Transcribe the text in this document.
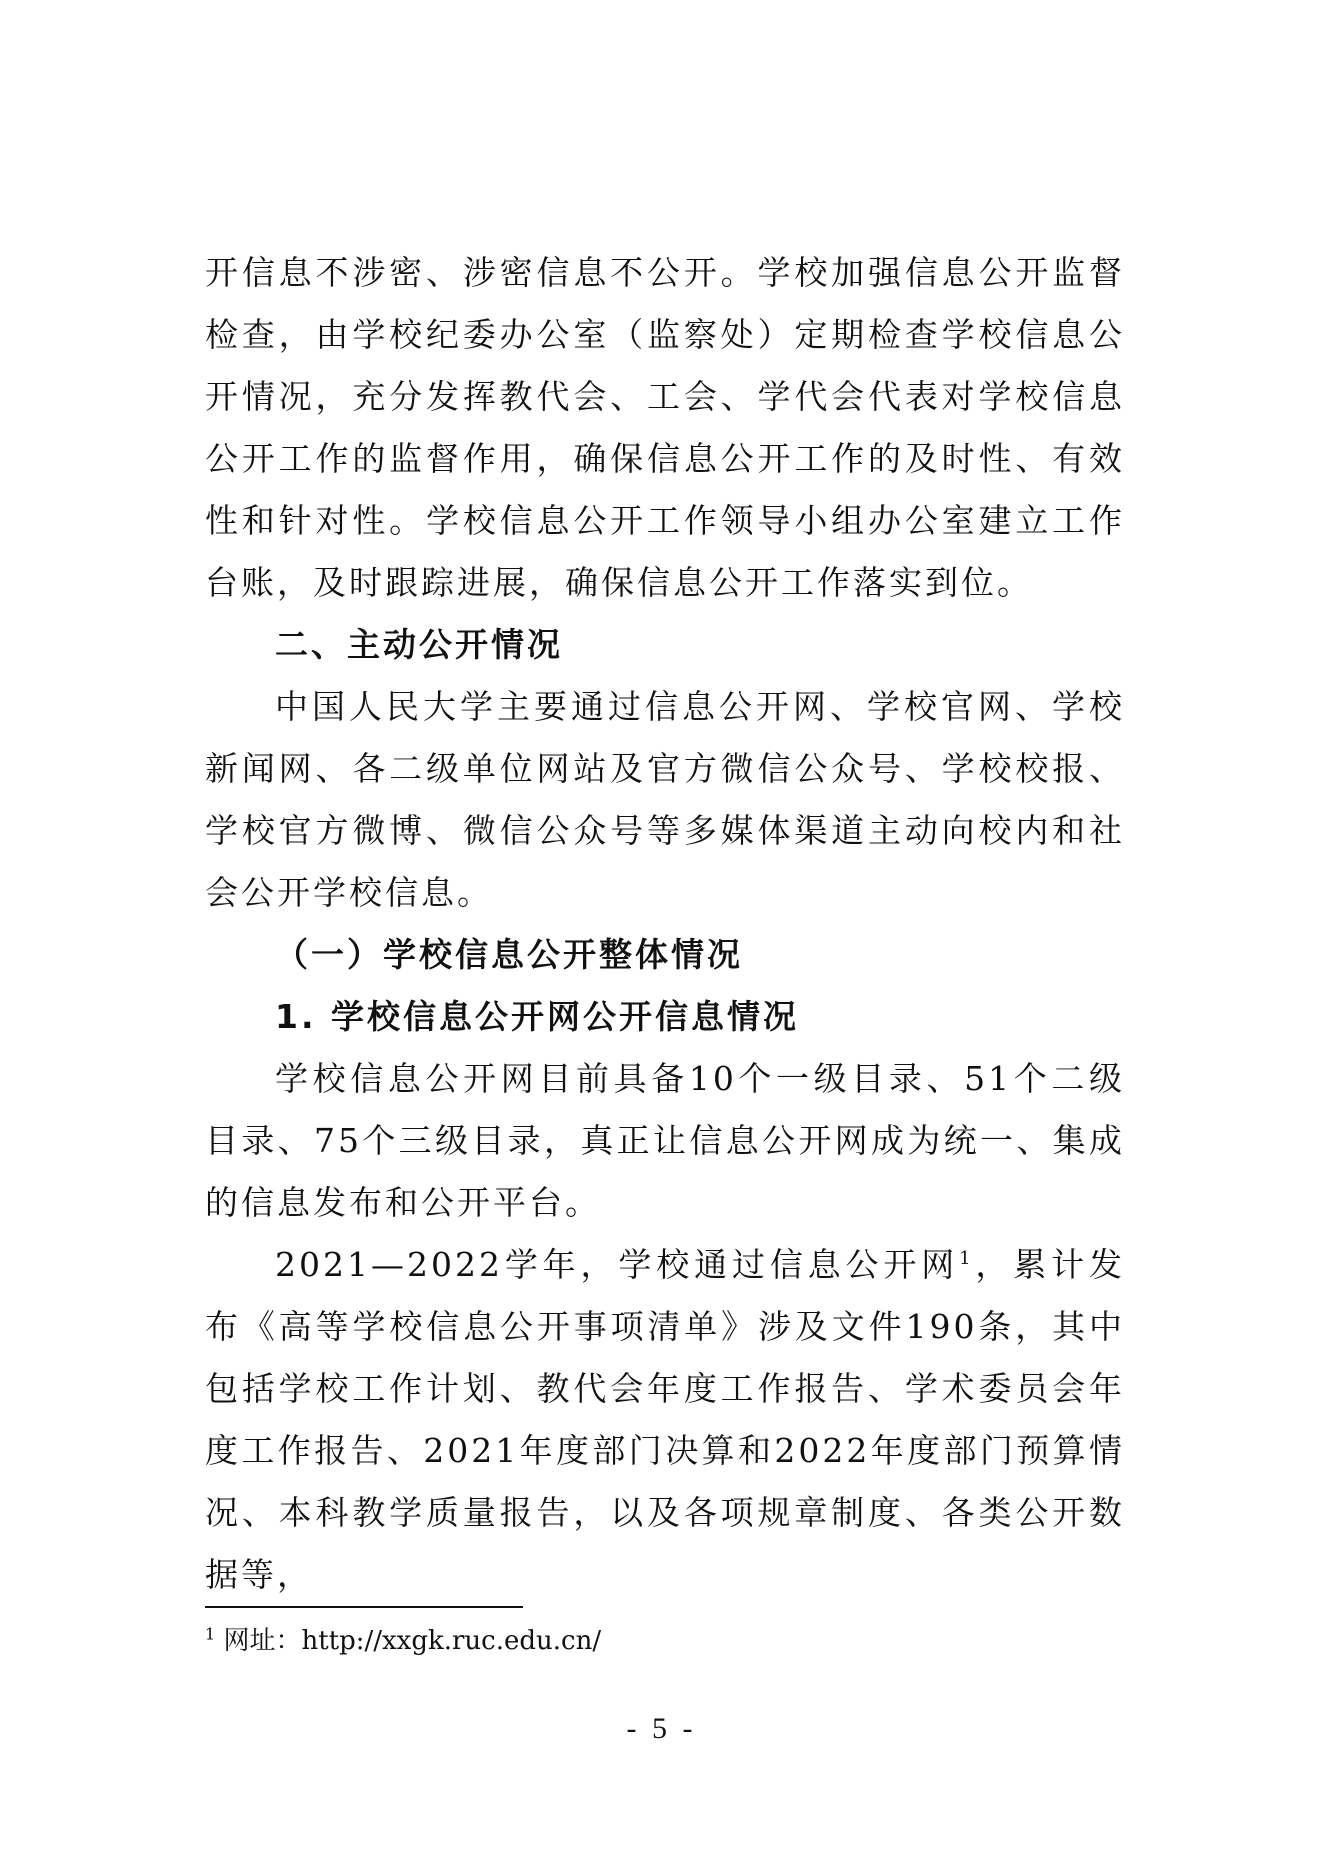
开信息不涉密、涉密信息不公开。学校加强信息公开监督检查，由学校纪委办公室（监察处）定期检查学校信息公开情况，充分发挥教代会、工会、学代会代表对学校信息公开工作的监督作用，确保信息公开工作的及时性、有效性和针对性。学校信息公开工作领导小组办公室建立工作台账，及时跟踪进展，确保信息公开工作落实到位。

二、主动公开情况

中国人民大学主要通过信息公开网、学校官网、学校新闻网、各二级单位网站及官方微信公众号、学校校报、学校官方微博、微信公众号等多媒体渠道主动向校内和社会公开学校信息。

（一）学校信息公开整体情况

1. 学校信息公开网公开信息情况

学校信息公开网目前具备10个一级目录、51个二级目录、75个三级目录，真正让信息公开网成为统一、集成的信息发布和公开平台。

2021—2022学年，学校通过信息公开网$^1$，累计发布《高等学校信息公开事项清单》涉及文件190条，其中包括学校工作计划、教代会年度工作报告、学术委员会年度工作报告、2021年度部门决算和2022年度部门预算情况、本科教学质量报告，以及各项规章制度、各类公开数据等，

$^1$ 网址：http://xxgk.ruc.edu.cn/
- 5 -
